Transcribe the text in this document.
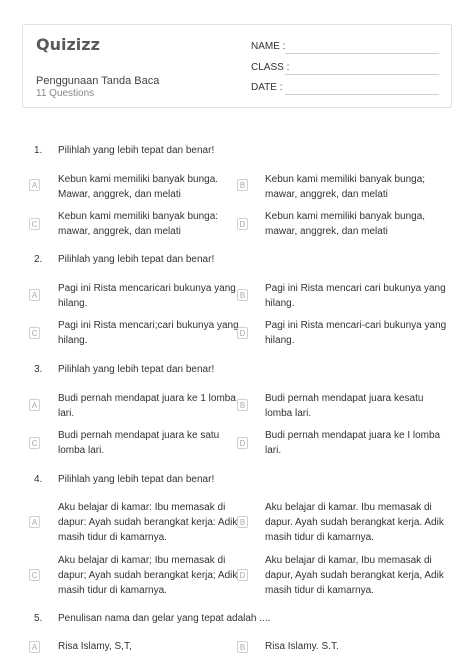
Quizizz
Penggunaan Tanda Baca
11 Questions
NAME :
CLASS :
DATE :
1. Pilihlah yang lebih tepat dan benar!
A
Kebun kami memiliki banyak bunga.
Mawar, anggrek, dan melati
B
Kebun kami memiliki banyak bunga;
mawar, anggrek, dan melati
C
Kebun kami memiliki banyak bunga:
mawar, anggrek, dan melati
D
Kebun kami memiliki banyak bunga,
mawar, anggrek, dan melati
2. Pilihlah yang lebih tepat dan benar!
A
Pagi ini Rista mencaricari bukunya yang
hilang.
B
Pagi ini Rista mencari cari bukunya yang
hilang.
C
Pagi ini Rista mencari;cari bukunya yang
hilang.
D
Pagi ini Rista mencari-cari bukunya yang
hilang.
3. Pilihlah yang lebih tepat dan benar!
A
Budi pernah mendapat juara ke 1 lomba
lari.
B
Budi pernah mendapat juara kesatu
lomba lari.
C
Budi pernah mendapat juara ke satu
lomba lari.
D
Budi pernah mendapat juara ke I lomba
lari.
4. Pilihlah yang lebih tepat dan benar!
A
Aku belajar di kamar: Ibu memasak di
dapur: Ayah sudah berangkat kerja: Adik
masih tidur di kamarnya.
B
Aku belajar di kamar. Ibu memasak di
dapur. Ayah sudah berangkat kerja. Adik
masih tidur di kamarnya.
C
Aku belajar di kamar; Ibu memasak di
dapur; Ayah sudah berangkat kerja; Adik
masih tidur di kamarnya.
D
Aku belajar di kamar, Ibu memasak di
dapur, Ayah sudah berangkat kerja, Adik
masih tidur di kamarnya.
5. Penulisan nama dan gelar yang tepat adalah ....
A Risa Islamy, S,T,	B Risa Islamy. S.T.
